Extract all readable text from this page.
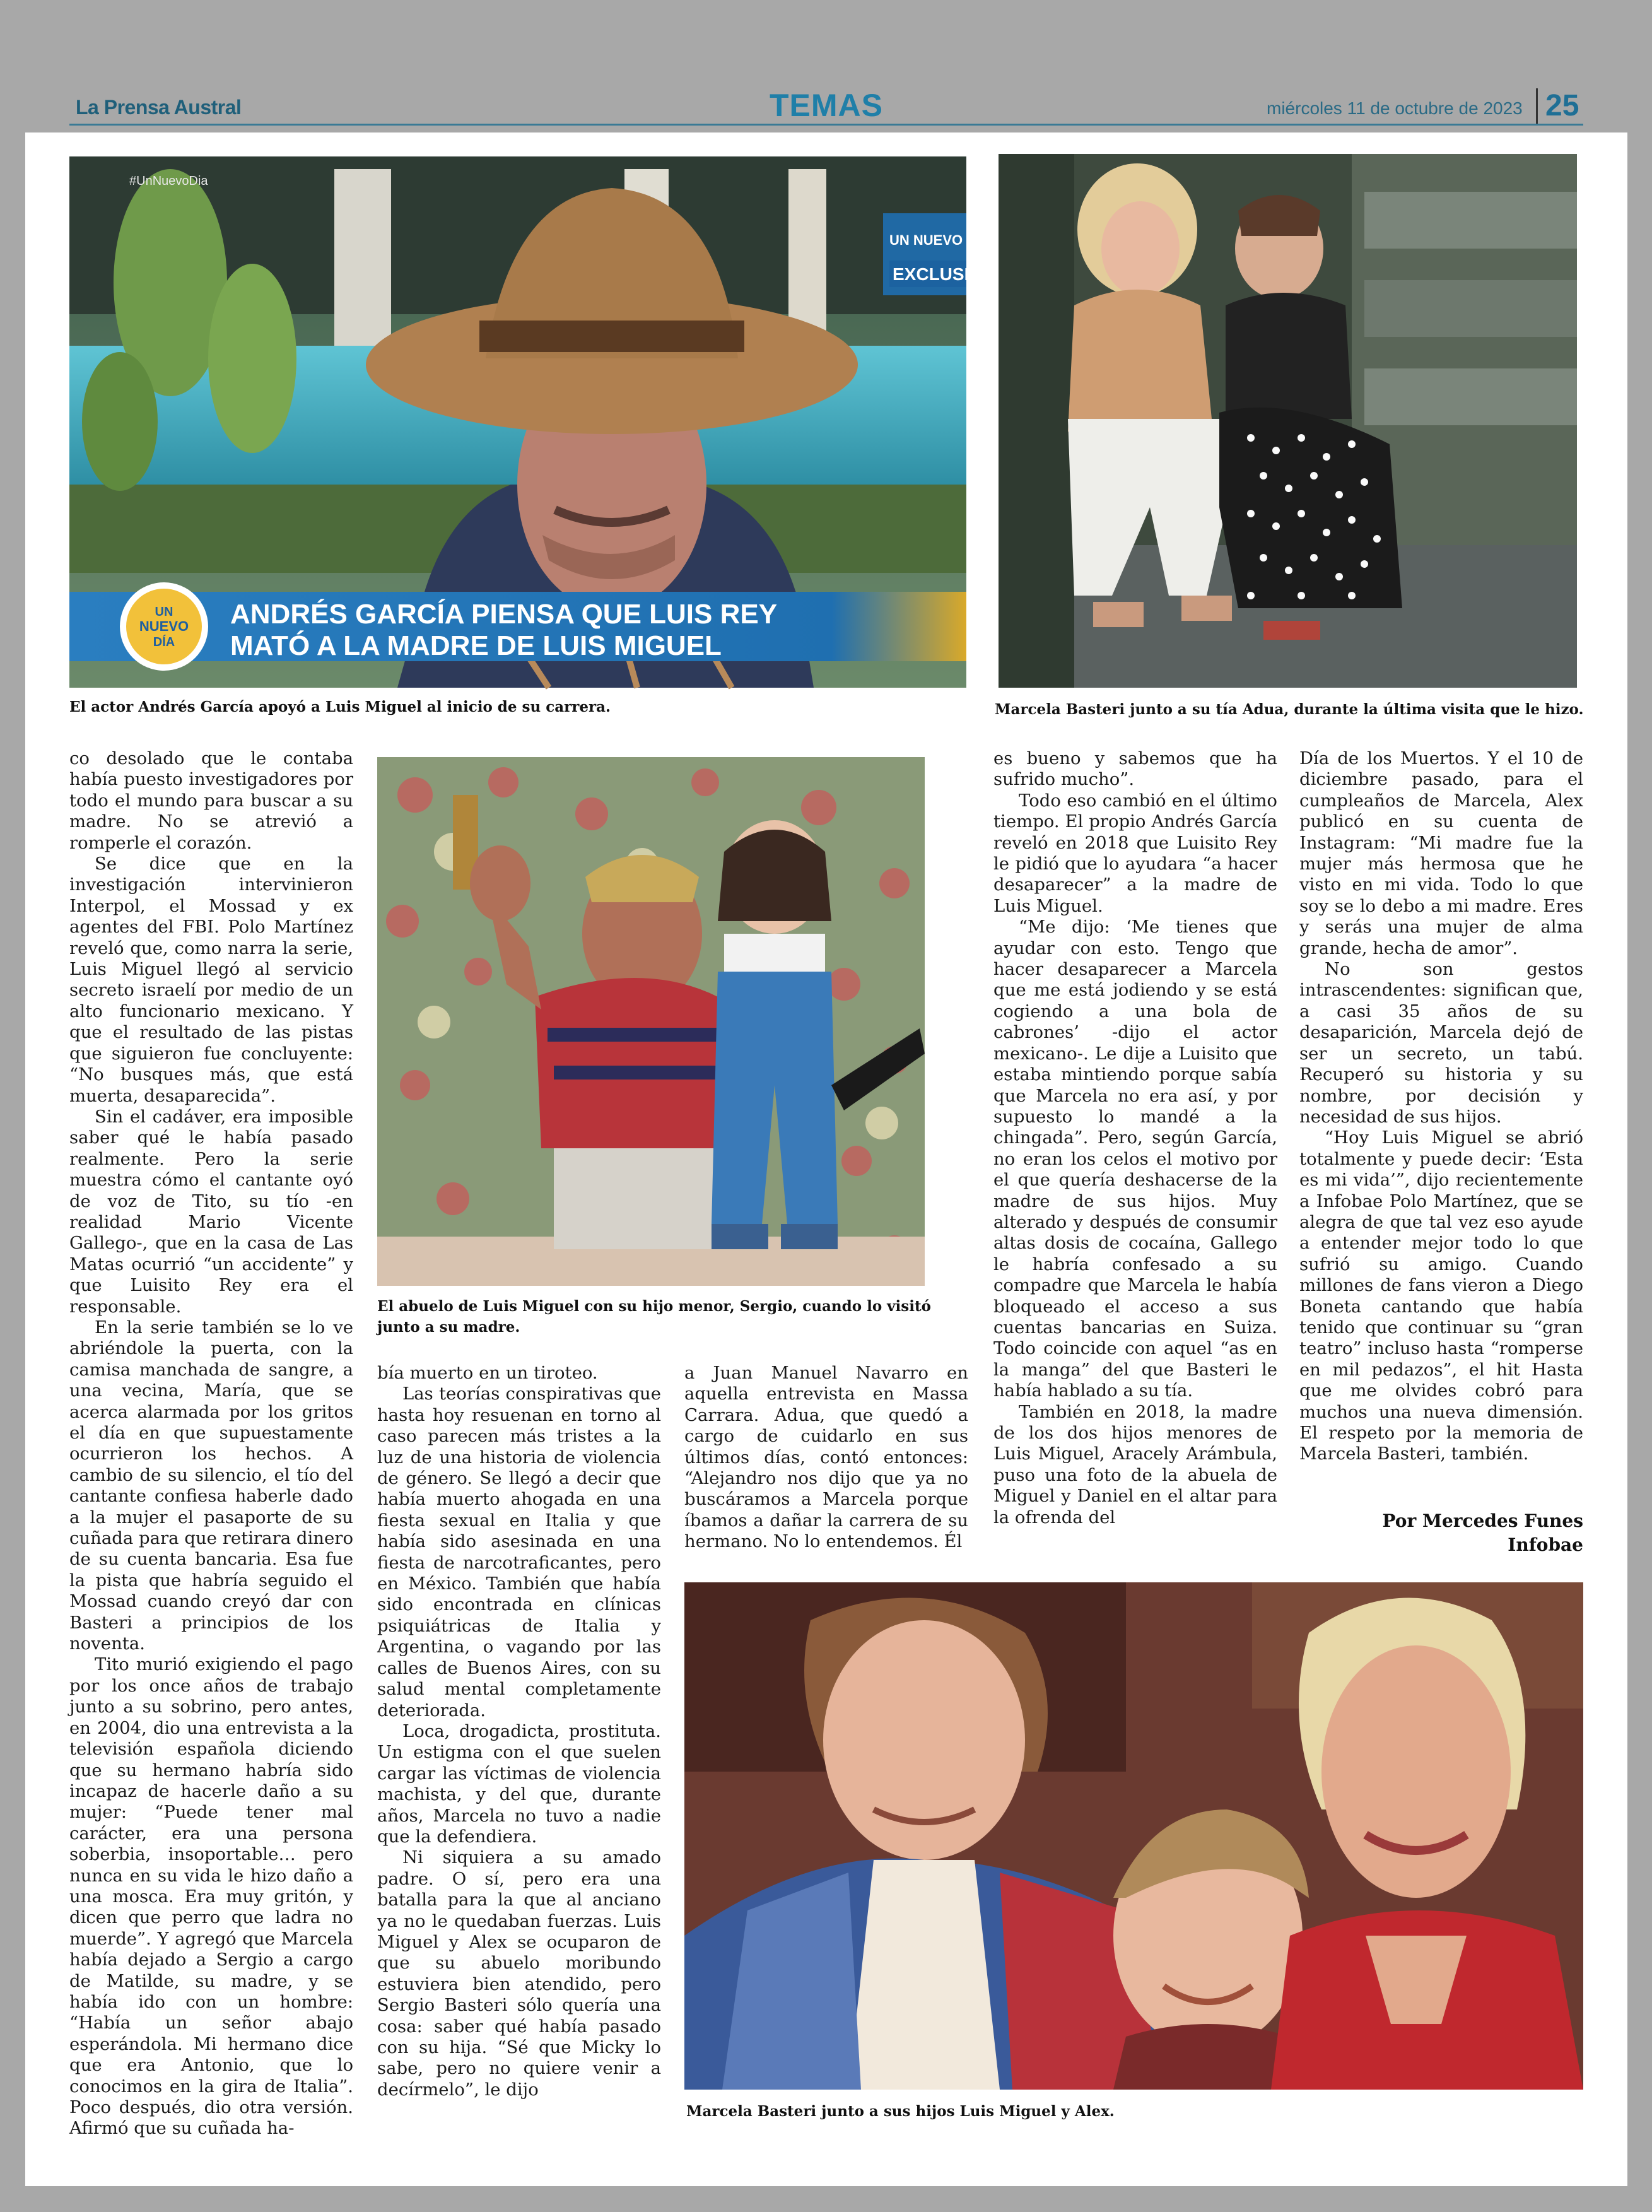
La Prensa Austral	TEMAS	miércoles 11 de octubre de 2023 25
UN NUEVO DÍA
EXCLUSIVA
#UnNuevoDia
UN
NUEVO
DÍA
ANDRÉS GARCÍA PIENSA QUE LUIS REY
MATÓ A LA MADRE DE LUIS MIGUEL
El actor Andrés García apoyó a Luis Miguel al inicio de su carrera.	Marcela Basteri junto a su tía Adua, durante la última visita que le hizo.
El abuelo de Luis Miguel con su hijo menor, Sergio, cuando lo visitó junto a su madre.
Marcela Basteri junto a sus hijos Luis Miguel y Alex.

co desolado que le contaba había puesto investigadores por todo el mundo para buscar a su madre. No se atrevió a romperle el corazón.

Se dice que en la investigación intervinieron Interpol, el Mossad y ex agentes del FBI. Polo Martínez reveló que, como narra la serie, Luis Miguel llegó al servicio secreto israelí por medio de un alto funcionario mexicano. Y que el resultado de las pistas que siguieron fue concluyente: “No busques más, que está muerta, desaparecida”.

Sin el cadáver, era imposible saber qué le había pasado realmente. Pero la serie muestra cómo el cantante oyó de voz de Tito, su tío -en realidad Mario Vicente Gallego-, que en la casa de Las Matas ocurrió “un accidente” y que Luisito Rey era el responsable.

En la serie también se lo ve abriéndole la puerta, con la camisa manchada de sangre, a una vecina, María, que se acerca alarmada por los gritos el día en que supuestamente ocurrieron los hechos. A cambio de su silencio, el tío del cantante confiesa haberle dado a la mujer el pasaporte de su cuñada para que retirara dinero de su cuenta bancaria. Esa fue la pista que habría seguido el Mossad cuando creyó dar con Basteri a principios de los noventa.

Tito murió exigiendo el pago por los once años de trabajo junto a su sobrino, pero antes, en 2004, dio una entrevista a la televisión española diciendo que su hermano habría sido incapaz de hacerle daño a su mujer: “Puede tener mal carácter, era una persona soberbia, insoportable… pero nunca en su vida le hizo daño a una mosca. Era muy gritón, y dicen que perro que ladra no muerde”. Y agregó que Marcela había dejado a Sergio a cargo de Matilde, su madre, y se había ido con un hombre: “Había un señor abajo esperándola. Mi hermano dice que era Antonio, que lo conocimos en la gira de Italia”. Poco después, dio otra versión. Afirmó que su cuñada ha-

bía muerto en un tiroteo.

Las teorías conspirativas que hasta hoy resuenan en torno al caso parecen más tristes a la luz de una historia de violencia de género. Se llegó a decir que había muerto ahogada en una fiesta sexual en Italia y que había sido asesinada en una fiesta de narcotraficantes, pero en México. También que había sido encontrada en clínicas psiquiátricas de Italia y Argentina, o vagando por las calles de Buenos Aires, con su salud mental completamente deteriorada.

Loca, drogadicta, prostituta. Un estigma con el que suelen cargar las víctimas de violencia machista, y del que, durante años, Marcela no tuvo a nadie que la defendiera.

Ni siquiera a su amado padre. O sí, pero era una batalla para la que al anciano ya no le quedaban fuerzas. Luis Miguel y Alex se ocuparon de que su abuelo moribundo estuviera bien atendido, pero Sergio Basteri sólo quería una cosa: saber qué había pasado con su hija. “Sé que Micky lo sabe, pero no quiere venir a decírmelo”, le dijo

a Juan Manuel Navarro en aquella entrevista en Massa Carrara. Adua, que quedó a cargo de cuidarlo en sus últimos días, contó entonces: “Alejandro nos dijo que ya no buscáramos a Marcela porque íbamos a dañar la carrera de su hermano. No lo entendemos. Él

es bueno y sabemos que ha sufrido mucho”.

Todo eso cambió en el último tiempo. El propio Andrés García reveló en 2018 que Luisito Rey le pidió que lo ayudara “a hacer desaparecer” a la madre de Luis Miguel.

“Me dijo: ‘Me tienes que ayudar con esto. Tengo que hacer desaparecer a Marcela que me está jodiendo y se está cogiendo a una bola de cabrones’ -dijo el actor mexicano-. Le dije a Luisito que estaba mintiendo porque sabía que Marcela no era así, y por supuesto lo mandé a la chingada”. Pero, según García, no eran los celos el motivo por el que quería deshacerse de la madre de sus hijos. Muy alterado y después de consumir altas dosis de cocaína, Gallego le habría confesado a su compadre que Marcela le había bloqueado el acceso a sus cuentas bancarias en Suiza. Todo coincide con aquel “as en la manga” del que Basteri le había hablado a su tía.

También en 2018, la madre de los dos hijos menores de Luis Miguel, Aracely Arámbula, puso una foto de la abuela de Miguel y Daniel en el altar para la ofrenda del

Día de los Muertos. Y el 10 de diciembre pasado, para el cumpleaños de Marcela, Alex publicó en su cuenta de Instagram: “Mi madre fue la mujer más hermosa que he visto en mi vida. Todo lo que soy se lo debo a mi madre. Eres y serás una mujer de alma grande, hecha de amor”.

No son gestos intrascendentes: significan que, a casi 35 años de su desaparición, Marcela dejó de ser un secreto, un tabú. Recuperó su historia y su nombre, por decisión y necesidad de sus hijos.

“Hoy Luis Miguel se abrió totalmente y puede decir: ‘Esta es mi vida’”, dijo recientemente a Infobae Polo Martínez, que se alegra de que tal vez eso ayude a entender mejor todo lo que sufrió su amigo. Cuando millones de fans vieron a Diego Boneta cantando que había tenido que continuar su “gran teatro” incluso hasta “romperse en mil pedazos”, el hit Hasta que me olvides cobró para muchos una nueva dimensión. El respeto por la memoria de Marcela Basteri, también.

Por Mercedes Funes
Infobae
